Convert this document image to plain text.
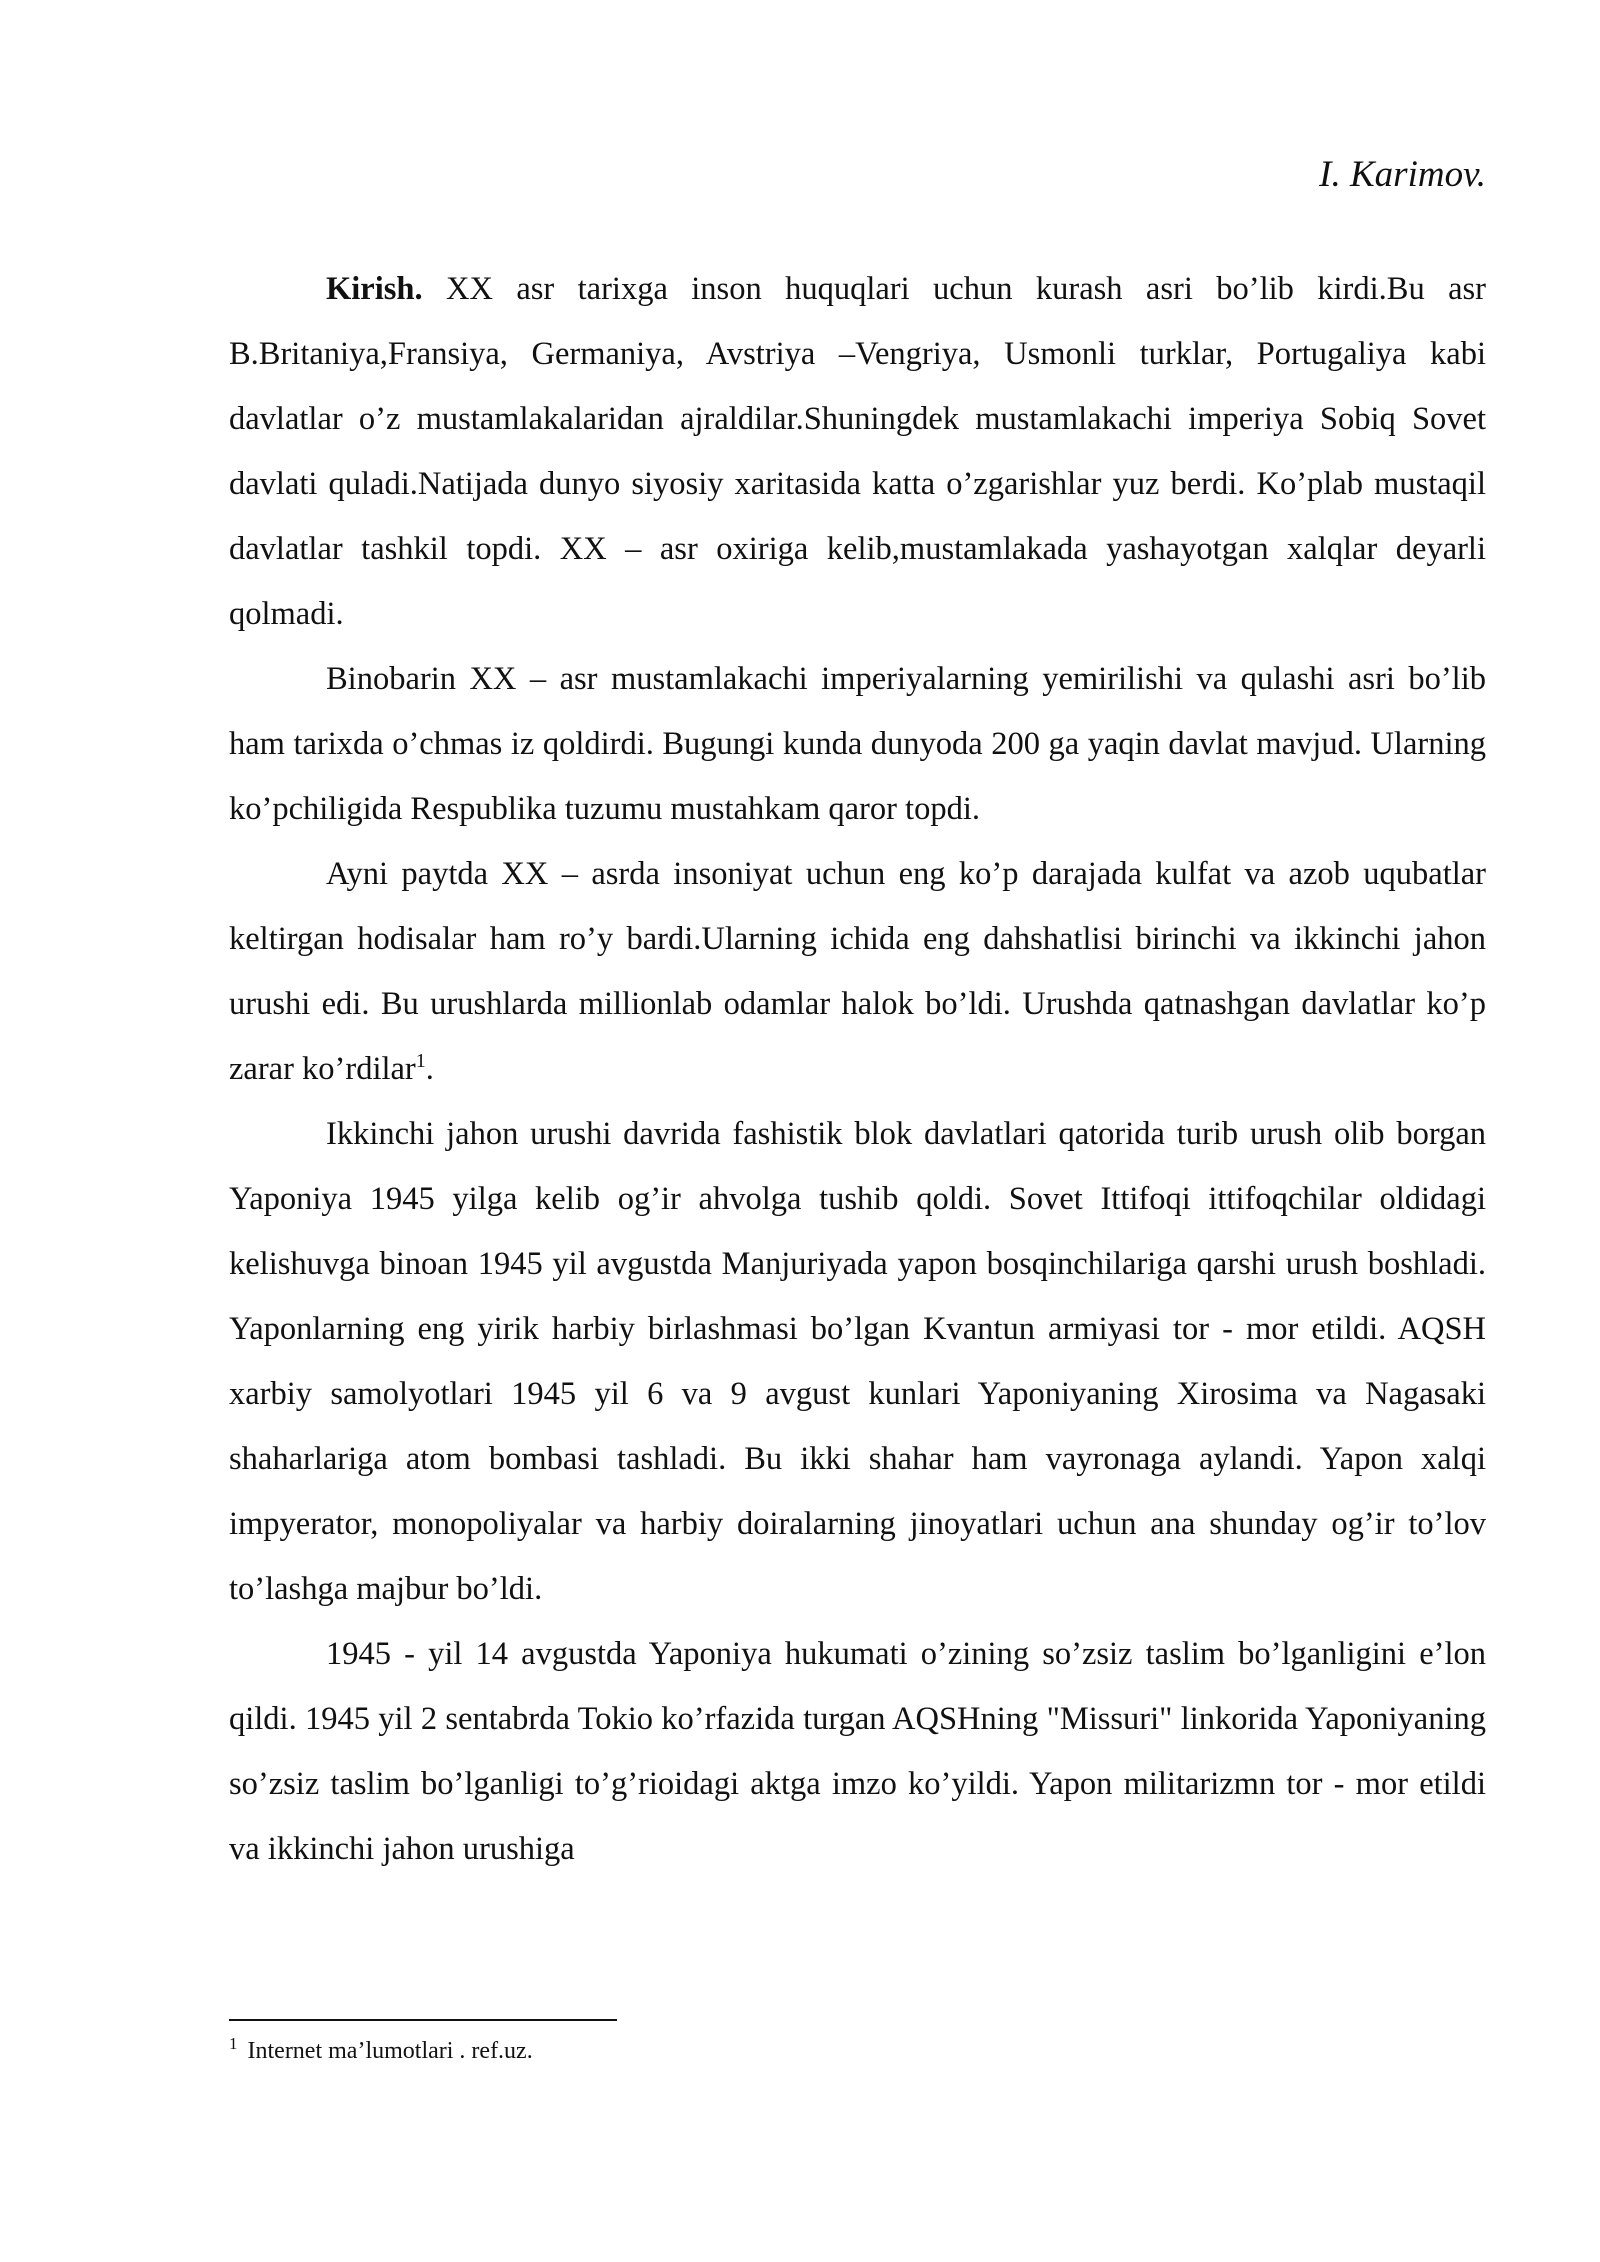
I. Karimov.

Kirish. XX asr tarixga inson huquqlari uchun kurash asri bo’lib kirdi.Bu asr B.Britaniya,Fransiya, Germaniya, Avstriya –Vengriya, Usmonli turklar, Portugaliya kabi davlatlar o’z mustamlakalaridan ajraldilar.Shuningdek mustamlakachi imperiya Sobiq Sovet davlati quladi.Natijada dunyo siyosiy xaritasida katta o’zgarishlar yuz berdi. Ko’plab mustaqil davlatlar tashkil topdi. XX – asr oxiriga kelib,mustamlakada yashayotgan xalqlar deyarli qolmadi.

Binobarin XX – asr mustamlakachi imperiyalarning yemirilishi va qulashi asri bo’lib ham tarixda o’chmas iz qoldirdi. Bugungi kunda dunyoda 200 ga yaqin davlat mavjud. Ularning ko’pchiligida Respublika tuzumu mustahkam qaror topdi.

Ayni paytda XX – asrda insoniyat uchun eng ko’p darajada kulfat va azob uqubatlar keltirgan hodisalar ham ro’y bardi.Ularning ichida eng dahshatlisi birinchi va ikkinchi jahon urushi edi. Bu urushlarda millionlab odamlar halok bo’ldi. Urushda qatnashgan davlatlar ko’p zarar ko’rdilar$^1$.

Ikkinchi jahon urushi davrida fashistik blok davlatlari qatorida turib urush olib borgan Yaponiya 1945 yilga kelib og’ir ahvolga tushib qoldi. Sovet Ittifoqi ittifoqchilar oldidagi kelishuvga binoan 1945 yil avgustda Manjuriyada yapon bosqinchilariga qarshi urush boshladi. Yaponlarning eng yirik harbiy birlashmasi bo’lgan Kvantun armiyasi tor - mor etildi. AQSH xarbiy samolyotlari 1945 yil 6 va 9 avgust kunlari Yaponiyaning Xirosima va Nagasaki shaharlariga atom bombasi tashladi. Bu ikki shahar ham vayronaga aylandi. Yapon xalqi impyerator, monopoliyalar va harbiy doiralarning jinoyatlari uchun ana shunday og’ir to’lov to’lashga majbur bo’ldi.

1945 - yil 14 avgustda Yaponiya hukumati o’zining so’zsiz taslim bo’lganligini e’lon qildi. 1945 yil 2 sentabrda Tokio ko’rfazida turgan AQSHning "Missuri" linkorida Yaponiyaning so’zsiz taslim bo’lganligi to’g’rioidagi aktga imzo ko’yildi. Yapon militarizmn tor - mor etildi va ikkinchi jahon urushiga

$^1$ Internet ma’lumotlari . ref.uz.
